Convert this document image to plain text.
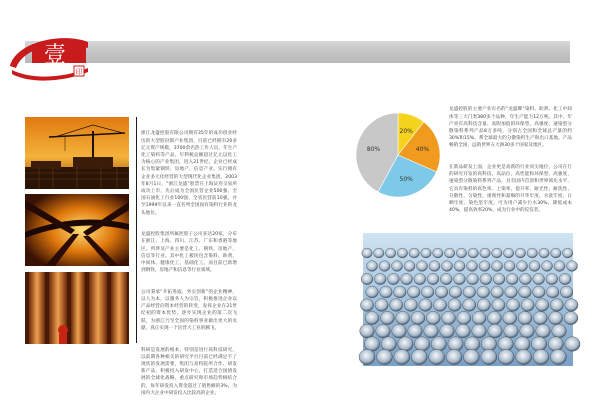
壹
印

浙江龙盛控股有限公司拥有35年的成功创业经历的大型股份制产业集团，目前已经拥有20多亿元资产规模，3700余名热工作人员，年生产化工染料等产品，年利税总额超过亿元以化工为核心的产业集团，进入21世纪，企业已经成长为集紧钢铁、房地产、信息产业、实行拥有企业多元化经营的大型现代化企业集团。2003年8月1日，“浙江龙盛”股票在上海证券交易所成功上市，先后成为全国民营企业500强、全国石油化工行业100强、全省民营前10强。并至1999年以来一直名列全国国有染料行业的龙头地位。

龙盛控股集团所属控股子公司多达20家，分布在浙江、上海、四川、江苏、广东和香港等地区。所涉及产业主要是化工、钢铁、房地产、信息等行业。其中化工板块包含染料、助剂、中间体、健康化工、基础化工。而目前已新增到钢铁、房地产和信息等行业领域。

公司秉承“开拓进取，务实创新”的企业精神，以人为本，以服务人为宗旨，积极推进企业以产品经营向资本经营的转变，发挥企业在21世纪初的资本优势，逐步实现企业的第二次飞跃，为浙江乃至全国的染料事业做出更大的贡献，真正实现一个民营大工业的腾飞。

科研是发展的根本，特别是进行高科技研究，以前期各种相关的研究平台目前已经满足不了现状的发展需要，集团与高校院所合作、研发新产品，积极投入研发中心，打造适合国情发展的全球化战略，重点研究和市场趋势相结合的，每年研发投入资金超过了销售额的3%，为国内大企业中研发投入比较高的企业。

20%
40%
50%
80%

龙盛控股的主要产业有名的“龙盛牌”染料、助剂、化工中间体等三大门类380多个品种，年生产能力12万吨。其中，年产亮有高科技含量、高附加值的环保型、高强度、速染型分散染料系列产品8万多吨，分别占全国和全球总产量的约30%和15%。系全球最大的分散染料生产和出口基地。产品畅销全国，远销世界五大洲30多个国家及地区。

在新品研发上面，企业更是高新的行业顶尖地位，公司在行的研究开发的高科技、高品位、高性能和环保型、高强度、速染型分散染料系列产品，具有国内首创和世界领先水平，它具有染料的高色率、上染率、提升率、耐光性、耐洗性、分散性、匀染性、重现性和超细的升华牢度、水洗牢度、日晒牢度、染色坚牢度，可为用户减少污水30%、降低成本40%，提高效率20%，成为行业中的佼佼者。
